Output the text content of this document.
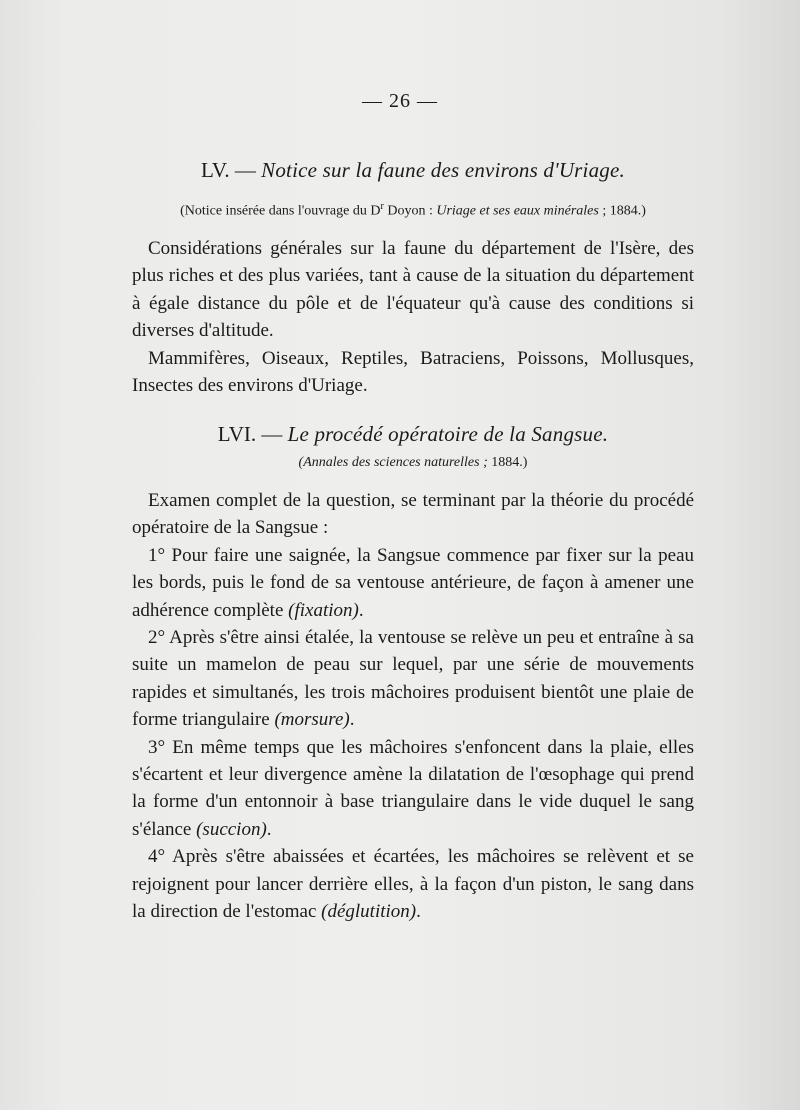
— 26 —
LV. — Notice sur la faune des environs d'Uriage.
(Notice insérée dans l'ouvrage du $D^r$ Doyon : Uriage et ses eaux minérales ; 1884.)

Considérations générales sur la faune du département de l'Isère, des plus riches et des plus variées, tant à cause de la situation du département à égale distance du pôle et de l'équateur qu'à cause des conditions si diverses d'altitude.

Mammifères, Oiseaux, Reptiles, Batraciens, Poissons, Mollusques, Insectes des environs d'Uriage.

LVI. — Le procédé opératoire de la Sangsue.
(Annales des sciences naturelles ; 1884.)

Examen complet de la question, se terminant par la théorie du procédé opératoire de la Sangsue :

1° Pour faire une saignée, la Sangsue commence par fixer sur la peau les bords, puis le fond de sa ventouse antérieure, de façon à amener une adhérence complète (fixation).

2° Après s'être ainsi étalée, la ventouse se relève un peu et entraîne à sa suite un mamelon de peau sur lequel, par une série de mouvements rapides et simultanés, les trois mâchoires produisent bientôt une plaie de forme triangulaire (morsure).

3° En même temps que les mâchoires s'enfoncent dans la plaie, elles s'écartent et leur divergence amène la dilatation de l'œsophage qui prend la forme d'un entonnoir à base triangulaire dans le vide duquel le sang s'élance (succion).

4° Après s'être abaissées et écartées, les mâchoires se relèvent et se rejoignent pour lancer derrière elles, à la façon d'un piston, le sang dans la direction de l'estomac (déglutition).
